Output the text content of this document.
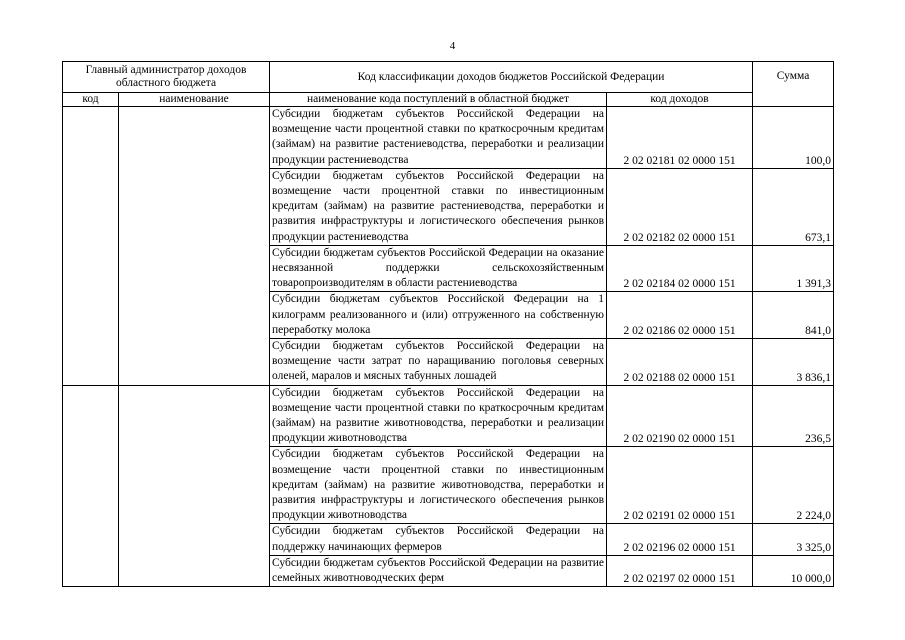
4
Главный администратор доходов областного бюджета		Код классификации доходов бюджетов Российской Федерации		Сумма
код	наименование	наименование кода поступлений в областной бюджет	код доходов	
		Субсидии бюджетам субъектов Российской Федерации на возмещение части процентной ставки по краткосрочным кредитам (займам) на развитие растениеводства, переработки и реализации продукции растениеводства	2 02 02181 02 0000 151	100,0
		Субсидии бюджетам субъектов Российской Федерации на возмещение части процентной ставки по инвестиционным кредитам (займам) на развитие растениеводства, переработки и развития инфраструктуры и логистического обеспечения рынков продукции растениеводства	2 02 02182 02 0000 151	673,1
		Субсидии бюджетам субъектов Российской Федерации на оказание несвязанной поддержки сельскохозяйственным товаропроизводителям в области растениеводства	2 02 02184 02 0000 151	1 391,3
		Субсидии бюджетам субъектов Российской Федерации на 1 килограмм реализованного и (или) отгруженного на собственную переработку молока	2 02 02186 02 0000 151	841,0
		Субсидии бюджетам субъектов Российской Федерации на возмещение части затрат по наращиванию поголовья северных оленей, маралов и мясных табунных лошадей	2 02 02188 02 0000 151	3 836,1
		Субсидии бюджетам субъектов Российской Федерации на возмещение части процентной ставки по краткосрочным кредитам (займам) на развитие животноводства, переработки и реализации продукции животноводства	2 02 02190 02 0000 151	236,5
		Субсидии бюджетам субъектов Российской Федерации на возмещение части процентной ставки по инвестиционным кредитам (займам) на развитие животноводства, переработки и развития инфраструктуры и логистического обеспечения рынков продукции животноводства	2 02 02191 02 0000 151	2 224,0
		Субсидии бюджетам субъектов Российской Федерации на поддержку начинающих фермеров	2 02 02196 02 0000 151	3 325,0
		Субсидии бюджетам субъектов Российской Федерации на развитие семейных животноводческих ферм	2 02 02197 02 0000 151	10 000,0
